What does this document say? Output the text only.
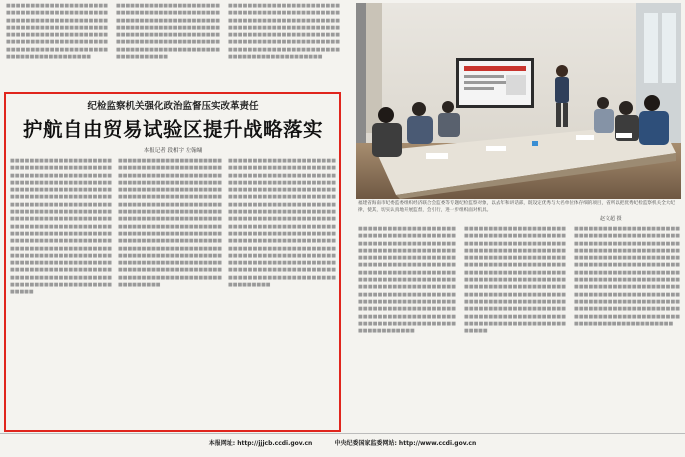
■■■■■■■■■■■■■■■■■■■■■■■■■■■■■■■■■■■■■■■■■■■■■■■■■■■■■■■■■■■■■■■■■■■■■■■■■■■■■■■■■■■■■■■■■■■■■■■■■■■■■■■■■■■■■■■■■■■■■■■■■■■■■■■■■■■■■■■■■■■■■■■■■■■■■■■■■■■■■■■■■■■■■
■■■■■■■■■■■■■■■■■■■■■■■■■■■■■■■■■■■■■■■■■■■■■■■■■■■■■■■■■■■■■■■■■■■■■■■■■■■■■■■■■■■■■■■■■■■■■■■■■■■■■■■■■■■■■■■■■■■■■■■■■■■■■■■■■■■■■■■■■■■■■■■■■■■■■■■■■■■■■■■■■■■■■
■■■■■■■■■■■■■■■■■■■■■■■■■■■■■■■■■■■■■■■■■■■■■■■■■■■■■■■■■■■■■■■■■■■■■■■■■■■■■■■■■■■■■■■■■■■■■■■■■■■■■■■■■■■■■■■■■■■■■■■■■■■■■■■■■■■■■■■■■■■■■■■■■■■■■■■■■■■■■■■■■■■■■■■■■■■■■■■■■■■■■
纪检监察机关强化政治监督压实改革责任
护航自由贸易试验区提升战略落实
本报记者 段相宇 左翰墉
■■■■■■■■■■■■■■■■■■■■■■■■■■■■■■■■■■■■■■■■■■■■■■■■■■■■■■■■■■■■■■■■■■■■■■■■■■■■■■■■■■■■■■■■■■■■■■■■■■■■■■■■■■■■■■■■■■■■■■■■■■■■■■■■■■■■■■■■■■■■■■■■■■■■■■■■■■■■■■■■■■■■■■■■■■■■■■■■■■■■■■■■■■■■■■■■■■■■■■■■■■■■■■■■■■■■■■■■■■■■■■■■■■■■■■■■■■■■■■■■■■■■■■■■■■■■■■■■■■■■■■■■■■■■■■■■■■■■■■■■■■■■■■■■■■■■■■■■■■■■■■■■■■■■■■■■■■■■■■■■■■■■■■■■■■■■■■■■■■■■■■■■■■■■■■■■■■■■■■■■■■■■■■■■■■■■■■■■■■■■■■■
■■■■■■■■■■■■■■■■■■■■■■■■■■■■■■■■■■■■■■■■■■■■■■■■■■■■■■■■■■■■■■■■■■■■■■■■■■■■■■■■■■■■■■■■■■■■■■■■■■■■■■■■■■■■■■■■■■■■■■■■■■■■■■■■■■■■■■■■■■■■■■■■■■■■■■■■■■■■■■■■■■■■■■■■■■■■■■■■■■■■■■■■■■■■■■■■■■■■■■■■■■■■■■■■■■■■■■■■■■■■■■■■■■■■■■■■■■■■■■■■■■■■■■■■■■■■■■■■■■■■■■■■■■■■■■■■■■■■■■■■■■■■■■■■■■■■■■■■■■■■■■■■■■■■■■■■■■■■■■■■■■■■■■■■■■■■■■■■■■■■■■■■■■■■■■■■■■■■■■■■■■■■■■■■■■■■■■■■■■■■■■■
■■■■■■■■■■■■■■■■■■■■■■■■■■■■■■■■■■■■■■■■■■■■■■■■■■■■■■■■■■■■■■■■■■■■■■■■■■■■■■■■■■■■■■■■■■■■■■■■■■■■■■■■■■■■■■■■■■■■■■■■■■■■■■■■■■■■■■■■■■■■■■■■■■■■■■■■■■■■■■■■■■■■■■■■■■■■■■■■■■■■■■■■■■■■■■■■■■■■■■■■■■■■■■■■■■■■■■■■■■■■■■■■■■■■■■■■■■■■■■■■■■■■■■■■■■■■■■■■■■■■■■■■■■■■■■■■■■■■■■■■■■■■■■■■■■■■■■■■■■■■■■■■■■■■■■■■■■■■■■■■■■■■■■■■■■■■■■■■■■■■■■■■■■■■■■■■■■■■■■■■■■■■■■■■■■■■■■■■■■■■■■■
福建省海南市纪委监委组织经济联合会监委等专题纪检监察对象，以去年和讲话部，既设定优秀与大名单位体存细的项目，省所以把优秀纪检监察机关全大纪律，使其，切实认真地开展监督，会引行，进一步组织面对机具。
赵文超 摄
■■■■■■■■■■■■■■■■■■■■■■■■■■■■■■■■■■■■■■■■■■■■■■■■■■■■■■■■■■■■■■■■■■■■■■■■■■■■■■■■■■■■■■■■■■■■■■■■■■■■■■■■■■■■■■■■■■■■■■■■■■■■■■■■■■■■■■■■■■■■■■■■■■■■■■■■■■■■■■■■■■■■■■■■■■■■■■■■■■■■■■■■■■■■■■■■■■■■■■■■■■■■■■■■■■■■■■■■■■■■■■■■■■■■■■■■■■■■■■■■■■■■■■■■■■■■■■■■■■■■■■■■■■■■■■■■■■■■■■■■■■■■■■■■■■■■
■■■■■■■■■■■■■■■■■■■■■■■■■■■■■■■■■■■■■■■■■■■■■■■■■■■■■■■■■■■■■■■■■■■■■■■■■■■■■■■■■■■■■■■■■■■■■■■■■■■■■■■■■■■■■■■■■■■■■■■■■■■■■■■■■■■■■■■■■■■■■■■■■■■■■■■■■■■■■■■■■■■■■■■■■■■■■■■■■■■■■■■■■■■■■■■■■■■■■■■■■■■■■■■■■■■■■■■■■■■■■■■■■■■■■■■■■■■■■■■■■■■■■■■■■■■■■■■■■■■■■■■■■■■■■■■■■■■■■■■■■■■■■■■■■■■■■■■■■■■
■■■■■■■■■■■■■■■■■■■■■■■■■■■■■■■■■■■■■■■■■■■■■■■■■■■■■■■■■■■■■■■■■■■■■■■■■■■■■■■■■■■■■■■■■■■■■■■■■■■■■■■■■■■■■■■■■■■■■■■■■■■■■■■■■■■■■■■■■■■■■■■■■■■■■■■■■■■■■■■■■■■■■■■■■■■■■■■■■■■■■■■■■■■■■■■■■■■■■■■■■■■■■■■■■■■■■■■■■■■■■■■■■■■■■■■■■■■■■■■■■■■■■■■■■■■■■■■■■■■■■■■■■■■■■■■■■■■■■■■■■■■■■■■■■■■■■■■■■■■■■■■■■■■
本报网址: http://jjjcb.ccdi.gov.cn	中央纪委国家监委网站: http://www.ccdi.gov.cn
